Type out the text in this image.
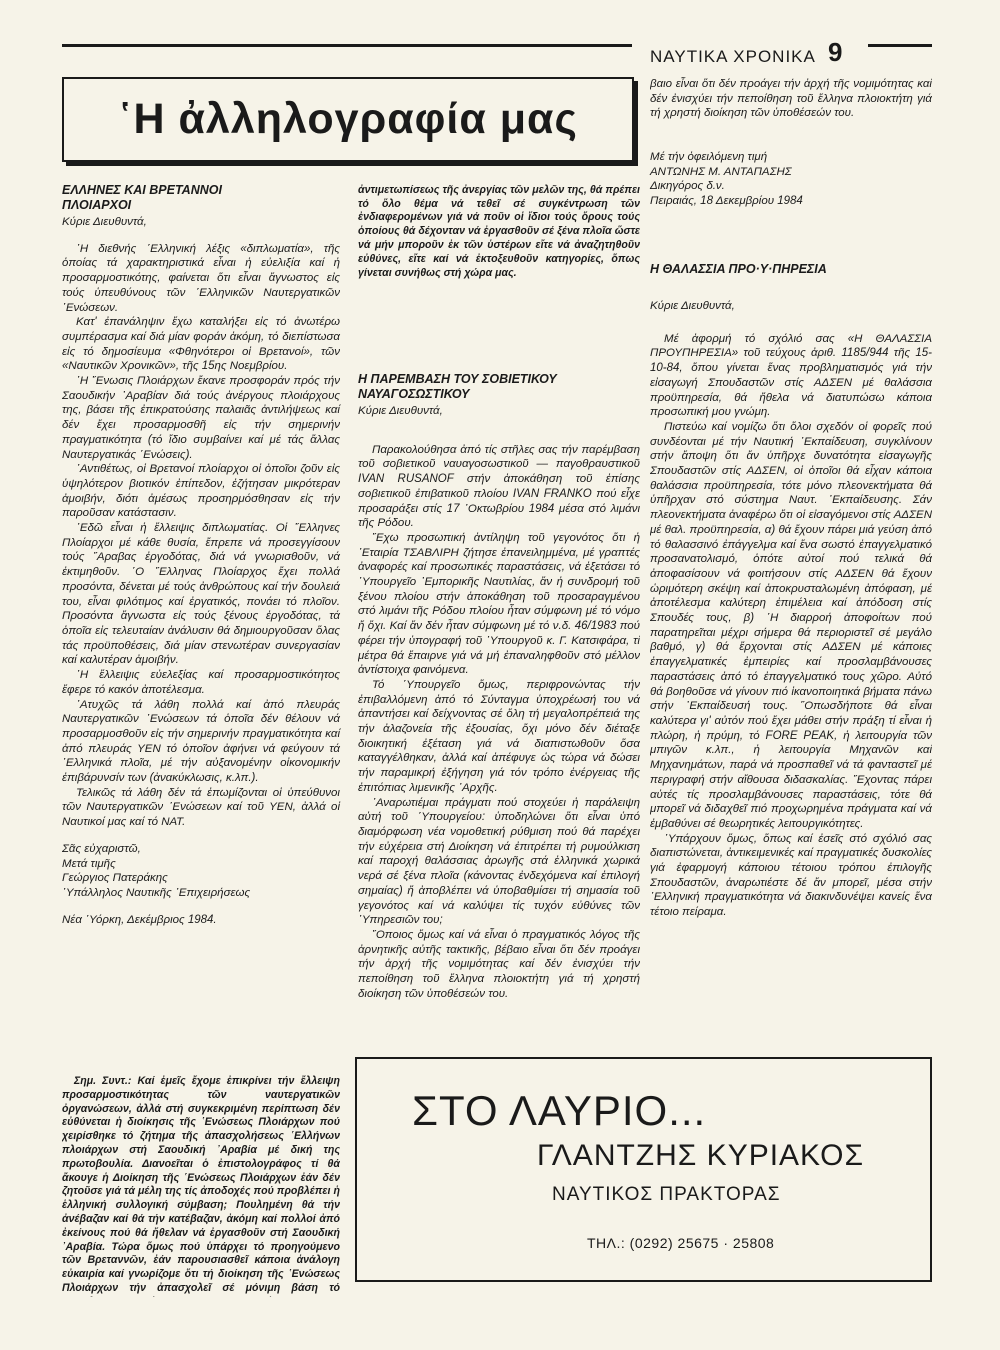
ΝΑΥΤΙΚΑ ΧΡΟΝΙΚΑ 9
῾Η ἀλληλογραφία μας

ΕΛΛΗΝΕΣ ΚΑΙ ΒΡΕΤΑΝΝΟΙ

ΠΛΟΙΑΡΧΟΙ

Κύριε Διευθυντά,

῾Η διεθνής ῾Ελληνική λέξις «διπλωματία», τῆς ὁποίας τά χαρακτηριστικά εἶναι ἡ εὐελιξία καί ἡ προσαρμοστικότης, φαίνεται ὅτι εἶναι ἄγνωστος εἰς τούς ὑπευθύνους τῶν ῾Ελληνικῶν Ναυτεργατικῶν ῾Ενώσεων.

Κατ' ἐπανάληψιν ἔχω καταλήξει εἰς τό ἀνωτέρω συμπέρασμα καί διά μίαν φοράν ἀκόμη, τό διεπίστωσα εἰς τό δημοσίευμα «Φθηνότεροι οἱ Βρετανοί», τῶν «Ναυτικῶν Χρονικῶν», τῆς 15ης Νοεμβρίου.

῾Η ῞Ενωσις Πλοιάρχων ἔκανε προσφοράν πρός τήν Σαουδικήν ᾿Αραβίαν διά τούς ἀνέργους πλοιάρχους της, βάσει τῆς ἐπικρατούσης παλαιᾶς ἀντιλήψεως καί δέν ἔχει προσαρμοσθῆ εἰς τήν σημερινήν πραγματικότητα (τό ἴδιο συμβαίνει καί μέ τάς ἄλλας Ναυτεργατικάς ῾Ενώσεις).

᾿Αντιθέτως, οἱ Βρετανοί πλοίαρχοι οἱ ὁποῖοι ζοῦν εἰς ὑψηλότερον βιοτικόν ἐπίπεδον, ἐζήτησαν μικρότεραν ἀμοιβήν, διότι ἀμέσως προσηρμόσθησαν εἰς τήν παροῦσαν κατάστασιν.

᾿Εδῶ εἶναι ἡ ἔλλειψις διπλωματίας. Οἱ ῞Ελληνες Πλοίαρχοι μέ κάθε θυσία, ἔπρεπε νά προσεγγίσουν τούς ῎Αραβας ἐργοδότας, διά νά γνωρισθοῦν, νά ἐκτιμηθοῦν. ῾Ο ῞Ελληνας Πλοίαρχος ἔχει πολλά προσόντα, δένεται μέ τούς ἀνθρώπους καί τήν δουλειά του, εἶναι φιλότιμος καί ἐργατικός, πονάει τό πλοῖον. Προσόντα ἄγνωστα εἰς τούς ξένους ἐργοδότας, τά ὁποῖα εἰς τελευταίαν ἀνάλυσιν θά δημιουργοῦσαν ὅλας τάς προϋποθέσεις, διά μίαν στενωτέραν συνεργασίαν καί καλυτέραν ἀμοιβήν.

῾Η ἔλλειψις εὐελεξίας καί προσαρμοστικότητος ἔφερε τό κακόν ἀποτέλεσμα.

᾿Ατυχῶς τά λάθη πολλά καί ἀπό πλευράς Ναυτεργατικῶν ῾Ενώσεων τά ὁποῖα δέν θέλουν νά προσαρμοσθοῦν εἰς τήν σημερινήν πραγματικότητα καί ἀπό πλευράς ΥΕΝ τό ὁποῖον ἀφήνει νά φεύγουν τά ῾Ελληνικά πλοῖα, μέ τήν αὐξανομένην οἰκονομικήν ἐπιβάρυνσίν των (ἀνακύκλωσις, κ.λπ.).

Τελικῶς τά λάθη δέν τά ἐπωμίζονται οἱ ὑπεύθυνοι τῶν Ναυτεργατικῶν ῾Ενώσεων καί τοῦ ΥΕΝ, ἀλλά οἱ Ναυτικοί μας καί τό ΝΑΤ.

Σᾶς εὐχαριστῶ,

Μετά τιμῆς

Γεώργιος Πατεράκης

῾Υπάλληλος Ναυτικῆς ᾿Επιχειρήσεως

Νέα ῾Υόρκη, Δεκέμβριος 1984.

Σημ. Συντ.: Καί ἐμεῖς ἔχομε ἐπικρίνει τήν ἔλλειψη προσαρμοστικότητας τῶν ναυτεργατικῶν ὀργανώσεων, ἀλλά στή συγκεκριμένη περίπτωση δέν εὐθύνεται ἡ διοίκησις τῆς ῾Ενώσεως Πλοιάρχων πού χειρίσθηκε τό ζήτημα τῆς ἀπασχολήσεως ῾Ελλήνων πλοιάρχων στή Σαουδική ᾿Αραβία μέ δική της πρωτοβουλία. Διανοεῖται ὁ ἐπιστολογράφος τί θά ἄκουγε ἡ Διοίκηση τῆς ῾Ενώσεως Πλοιάρχων ἐάν δέν ζητοῦσε γιά τά μέλη της τίς ἀποδοχές πού προβλέπει ἡ ἑλληνική συλλογική σύμβαση; Πουλημένη θά τήν ἀνέβαζαν καί θά τήν κατέβαζαν, ἀκόμη καί πολλοί ἀπό ἐκείνους πού θά ἤθελαν νά ἐργασθοῦν στή Σαουδική ᾿Αραβία. Τώρα ὅμως πού ὑπάρχει τό προηγούμενο τῶν Βρεταννῶν, ἐάν παρουσιασθεῖ κάποια ἀνάλογη εὐκαιρία καί γνωρίζομε ὅτι τή διοίκηση τῆς ῾Ενώσεως Πλοιάρχων τήν ἀπασχολεῖ σέ μόνιμη βάση τό

ἀντιμετωπίσεως τῆς ἀνεργίας τῶν μελῶν της, θά πρέπει τό ὅλο θέμα νά τεθεῖ σέ συγκέντρωση τῶν ἐνδιαφερομένων γιά νά ποῦν οἱ ἴδιοι τούς ὅρους τούς ὁποίους θά δέχονταν νά ἐργασθοῦν σέ ξένα πλοῖα ὥστε νά μήν μποροῦν ἐκ τῶν ὑστέρων εἴτε νά ἀναζητηθοῦν εὐθύνες, εἴτε καί νά ἐκτοξευθοῦν κατηγορίες, ὅπως γίνεται συνήθως στή χώρα μας.

Η ΠΑΡΕΜΒΑΣΗ ΤΟΥ ΣΟΒΙΕΤΙΚΟΥ

ΝΑΥΑΓΟΣΩΣΤΙΚΟΥ

Κύριε Διευθυντά,

Παρακολούθησα ἀπό τίς στῆλες σας τήν παρέμβαση τοῦ σοβιετικοῦ ναυαγοσωστικοῦ — παγοθραυστικοῦ IVAN RUSANOF στήν ἀποκάθηση τοῦ ἐπίσης σοβιετικοῦ ἐπιβατικοῦ πλοίου IVAN FRANKO πού εἶχε προσαράξει στίς 17 ᾿Οκτωβρίου 1984 μέσα στό λιμάνι τῆς Ρόδου.

῎Εχω προσωπική ἀντίληψη τοῦ γεγονότος ὅτι ἡ ᾿Εταιρία ΤΣΑΒΛΙΡΗ ζήτησε ἐπανειλημμένα, μέ γραπτές ἀναφορές καί προσωπικές παραστάσεις, νά ἐξετάσει τό ῾Υπουργεῖο ᾿Εμπορικῆς Ναυτιλίας, ἄν ἡ συνδρομή τοῦ ξένου πλοίου στήν ἀποκάθηση τοῦ προσαραγμένου στό λιμάνι τῆς Ρόδου πλοίου ἦταν σύμφωνη μέ τό νόμο ἤ ὄχι. Καί ἄν δέν ἦταν σύμφωνη μέ τό ν.δ. 46/1983 πού φέρει τήν ὑπογραφή τοῦ ῾Υπουργοῦ κ. Γ. Κατσιφάρα, τί μέτρα θά ἔπαιρνε γιά νά μή ἐπαναληφθοῦν στό μέλλον ἀντίστοιχα φαινόμενα.

Τό ῾Υπουργεῖο ὅμως, περιφρονώντας τήν ἐπιβαλλόμενη ἀπό τό Σύνταγμα ὑποχρέωσή του νά ἀπαντήσει καί δείχνοντας σέ ὅλη τή μεγαλοπρέπειά της τήν ἀλαζονεία τῆς ἐξουσίας, ὄχι μόνο δέν διέταξε διοικητική ἐξέταση γιά νά διαπιστωθοῦν ὅσα καταγγέλθηκαν, ἀλλά καί ἀπέφυγε ὡς τώρα νά δώσει τήν παραμικρή ἐξήγηση γιά τόν τρόπο ἐνέργειας τῆς ἐπιτόπιας λιμενικῆς ᾿Αρχῆς.

᾿Αναρωτιέμαι πράγματι πού στοχεύει ἡ παράλειψη αὐτή τοῦ ῾Υπουργείου: ὑποδηλώνει ὅτι εἶναι ὑπό διαμόρφωση νέα νομοθετική ρύθμιση πού θά παρέχει τήν εὐχέρεια στή Διοίκηση νά ἐπιτρέπει τή ρυμούλκιση καί παροχή θαλάσσιας ἀρωγῆς στά ἑλληνικά χωρικά νερά σέ ξένα πλοῖα (κάνοντας ἐνδεχόμενα καί ἐπιλογή σημαίας) ἤ ἀποβλέπει νά ὑποβαθμίσει τή σημασία τοῦ γεγονότος καί νά καλύψει τίς τυχόν εὐθύνες τῶν ῾Υπηρεσιῶν του;

῞Οποιος ὅμως καί νά εἶναι ὁ πραγματικός λόγος τῆς ἀρνητικῆς αὐτῆς τακτικῆς, βέβαιο εἶναι ὅτι δέν προάγει τήν ἀρχή τῆς νομιμότητας καί δέν ἐνισχύει τήν πεποίθηση τοῦ ἕλληνα πλοιοκτήτη γιά τή χρηστή διοίκηση τῶν ὑποθέσεών του.

βαιο εἶναι ὅτι δέν προάγει τήν ἀρχή τῆς νομιμότητας καί δέν ἐνισχύει τήν πεποίθηση τοῦ ἕλληνα πλοιοκτήτη γιά τή χρηστή διοίκηση τῶν ὑποθέσεών του.

Μέ τήν ὀφειλόμενη τιμή

ΑΝΤΩΝΗΣ Μ. ΑΝΤΑΠΑΣΗΣ

Δικηγόρος δ.ν.

Πειραιάς, 18 Δεκεμβρίου 1984

Η ΘΑΛΑΣΣΙΑ ΠΡΟ·Υ·ΠΗΡΕΣΙΑ

Κύριε Διευθυντά,

Μέ ἀφορμή τό σχόλιό σας «Η ΘΑΛΑΣΣΙΑ ΠΡΟΥΠΗΡΕΣΙΑ» τοῦ τεύχους ἀριθ. 1185/944 τῆς 15-10-84, ὅπου γίνεται ἕνας προβληματισμός γιά τήν εἰσαγωγή Σπουδαστῶν στίς ΑΔΣΕΝ μέ θαλάσσια προϋπηρεσία, θά ἤθελα νά διατυπώσω κάποια προσωπική μου γνώμη.

Πιστεύω καί νομίζω ὅτι ὅλοι σχεδόν οἱ φορεῖς πού συνδέονται μέ τήν Ναυτική ᾿Εκπαίδευση, συγκλίνουν στήν ἄποψη ὅτι ἄν ὑπῆρχε δυνατότητα εἰσαγωγῆς Σπουδαστῶν στίς ΑΔΣΕΝ, οἱ ὁποῖοι θά εἶχαν κάποια θαλάσσια προϋπηρεσία, τότε μόνο πλεονεκτήματα θά ὑπῆρχαν στό σύστημα Ναυτ. ᾿Εκπαίδευσης. Σάν πλεονεκτήματα ἀναφέρω ὅτι οἱ εἰσαγόμενοι στίς ΑΔΣΕΝ μέ θαλ. προϋπηρεσία, α) θά ἔχουν πάρει μιά γεύση ἀπό τό θαλασσινό ἐπάγγελμα καί ἕνα σωστό ἐπαγγελματικό προσανατολισμό, ὁπότε αὐτοί πού τελικά θά ἀποφασίσουν νά φοιτήσουν στίς ΑΔΣΕΝ θά ἔχουν ὡριμότερη σκέψη καί ἀποκρυσταλωμένη ἀπόφαση, μέ ἀποτέλεσμα καλύτερη ἐπιμέλεια καί ἀπόδοση στίς Σπουδές τους, β) ῾Η διαρροή ἀποφοίτων πού παρατηρεῖται μέχρι σήμερα θά περιοριστεῖ σέ μεγάλο βαθμό, γ) θά ἔρχονται στίς ΑΔΣΕΝ μέ κάποιες ἐπαγγελματικές ἐμπειρίες καί προσλαμβάνουσες παραστάσεις ἀπό τό ἐπαγγελματικό τους χῶρο. Αὐτό θά βοηθοῦσε νά γίνουν πιό ἱκανοποιητικά βήματα πάνω στήν ᾿Εκπαίδευσή τους. ῞Οπωσδήποτε θά εἶναι καλύτερα γι' αὐτόν πού ἔχει μάθει στήν πράξη τί εἶναι ἡ πλώρη, ἡ πρύμη, τό FORE PEAK, ἡ λειτουργία τῶν μπιγῶν κ.λπ., ἡ λειτουργία Μηχανῶν καί Μηχανημάτων, παρά νά προσπαθεῖ νά τά φανταστεῖ μέ περιγραφή στήν αἴθουσα διδασκαλίας. ῎Εχοντας πάρει αὐτές τίς προσλαμβάνουσες παραστάσεις, τότε θά μπορεῖ νά διδαχθεῖ πιό προχωρημένα πράγματα καί νά ἐμβαθύνει σέ θεωρητικές λειτουργικότητες.

῾Υπάρχουν ὅμως, ὅπως καί ἐσεῖς στό σχόλιό σας διαπιστώνεται, ἀντικειμενικές καί πραγματικές δυσκολίες γιά ἐφαρμογή κάποιου τέτοιου τρόπου ἐπιλογῆς Σπουδαστῶν, ἀναρωτιέστε δέ ἄν μπορεῖ, μέσα στήν ῾Ελληνική πραγματικότητα νά διακινδυνέψει κανείς ἕνα τέτοιο πείραμα.

ΣΤΟ ΛΑΥΡΙΟ...
ΓΛΑΝΤΖΗΣ ΚΥΡΙΑΚΟΣ
ΝΑΥΤΙΚΟΣ ΠΡΑΚΤΟΡΑΣ
ΤΗΛ.: (0292) 25675 · 25808
